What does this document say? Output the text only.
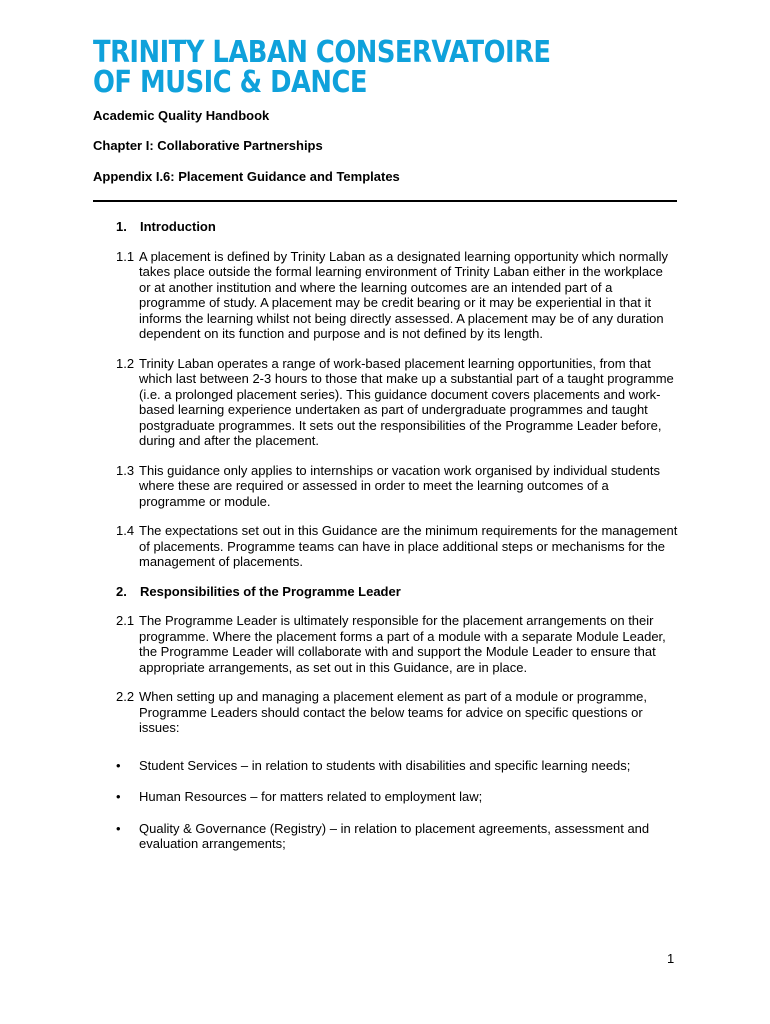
TRINITY LABAN CONSERVATOIRE
OF MUSIC & DANCE
Academic Quality Handbook
Chapter I: Collaborative Partnerships
Appendix I.6: Placement Guidance and Templates
1. Introduction
1.1 A placement is defined by Trinity Laban as a designated learning opportunity which normally takes place outside the formal learning environment of Trinity Laban either in the workplace or at another institution and where the learning outcomes are an intended part of a programme of study. A placement may be credit bearing or it may be experiential in that it informs the learning whilst not being directly assessed. A placement may be of any duration dependent on its function and purpose and is not defined by its length.
1.2 Trinity Laban operates a range of work-based placement learning opportunities, from that which last between 2-3 hours to those that make up a substantial part of a taught programme (i.e. a prolonged placement series). This guidance document covers placements and work-based learning experience undertaken as part of undergraduate programmes and taught postgraduate programmes. It sets out the responsibilities of the Programme Leader before, during and after the placement.
1.3 This guidance only applies to internships or vacation work organised by individual students where these are required or assessed in order to meet the learning outcomes of a programme or module.
1.4 The expectations set out in this Guidance are the minimum requirements for the management of placements. Programme teams can have in place additional steps or mechanisms for the management of placements.
2. Responsibilities of the Programme Leader
2.1 The Programme Leader is ultimately responsible for the placement arrangements on their programme. Where the placement forms a part of a module with a separate Module Leader, the Programme Leader will collaborate with and support the Module Leader to ensure that appropriate arrangements, as set out in this Guidance, are in place.
2.2 When setting up and managing a placement element as part of a module or programme, Programme Leaders should contact the below teams for advice on specific questions or issues:
• Student Services – in relation to students with disabilities and specific learning needs;
• Human Resources – for matters related to employment law;
• Quality & Governance (Registry) – in relation to placement agreements, assessment and evaluation arrangements;
1
